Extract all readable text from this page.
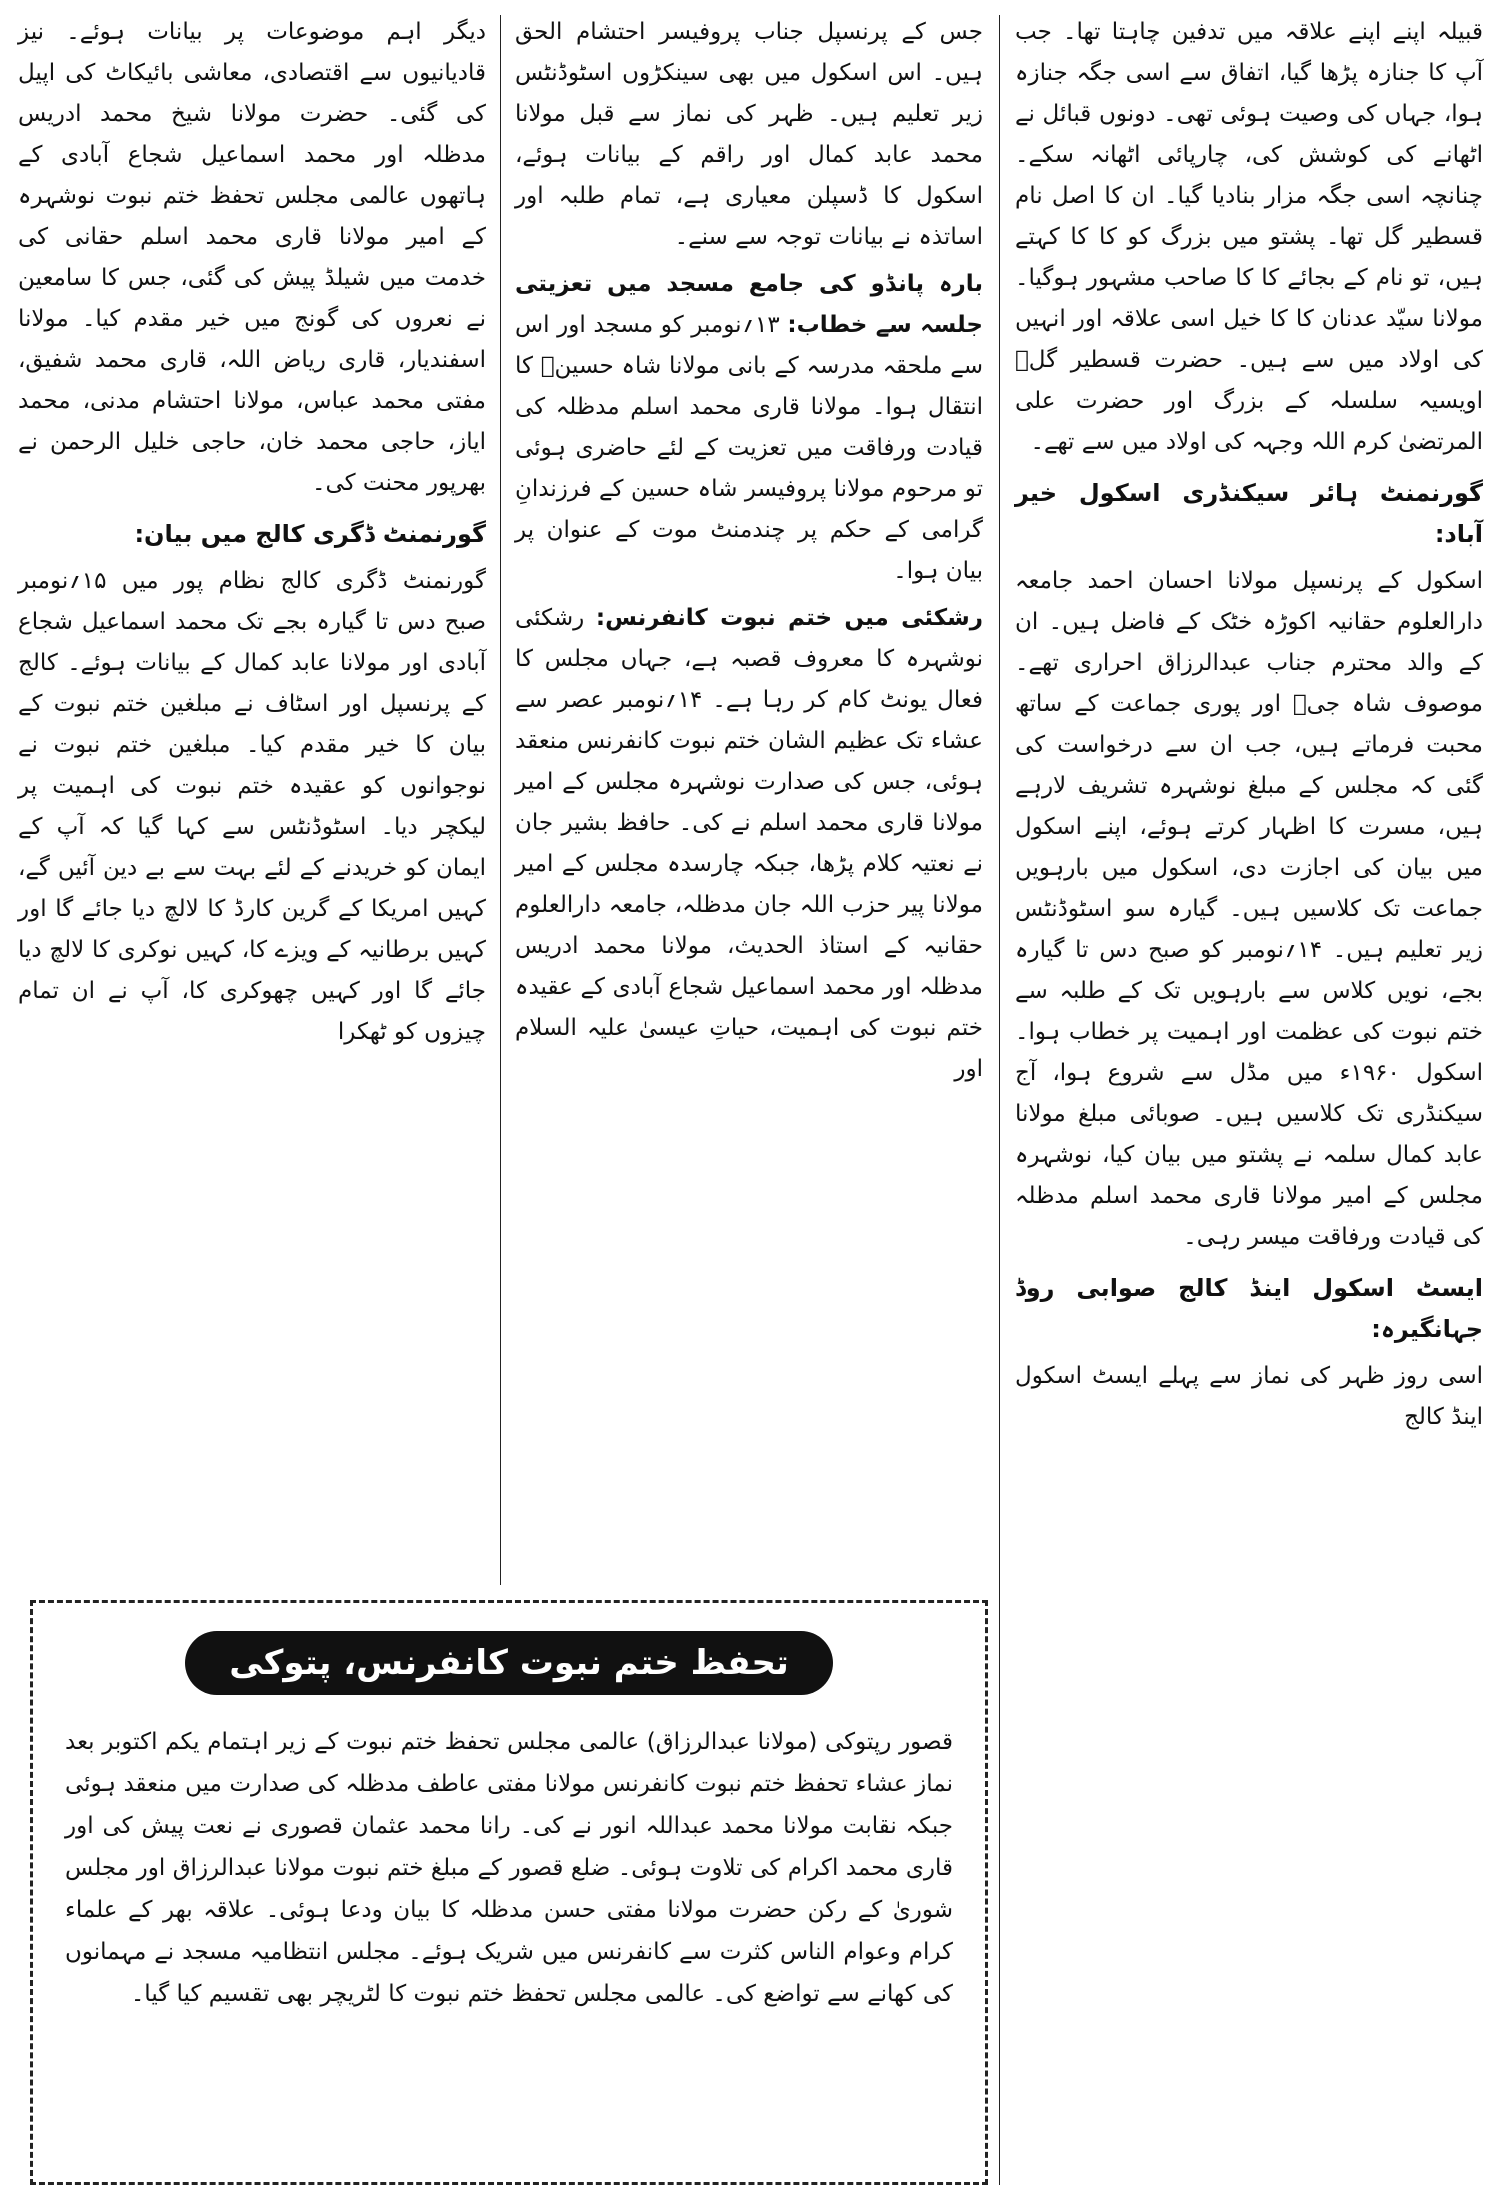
قبیلہ اپنے اپنے علاقہ میں تدفین چاہتا تھا۔ جب آپ کا جنازہ پڑھا گیا، اتفاق سے اسی جگہ جنازہ ہوا، جہاں کی وصیت ہوئی تھی۔ دونوں قبائل نے اٹھانے کی کوشش کی، چارپائی اٹھانہ سکے۔ چنانچہ اسی جگہ مزار بنادیا گیا۔ ان کا اصل نام قسطیر گل تھا۔ پشتو میں بزرگ کو کا کا کہتے ہیں، تو نام کے بجائے کا کا صاحب مشہور ہوگیا۔ مولانا سیّد عدنان کا کا خیل اسی علاقہ اور انہیں کی اولاد میں سے ہیں۔ حضرت قسطیر گلؒ اویسیہ سلسلہ کے بزرگ اور حضرت علی المرتضیٰ کرم اللہ وجہہ کی اولاد میں سے تھے۔

گورنمنٹ ہائر سیکنڈری اسکول خیر آباد:

اسکول کے پرنسپل مولانا احسان احمد جامعہ دارالعلوم حقانیہ اکوڑہ خٹک کے فاضل ہیں۔ ان کے والد محترم جناب عبدالرزاق احراری تھے۔ موصوف شاہ جیؒ اور پوری جماعت کے ساتھ محبت فرماتے ہیں، جب ان سے درخواست کی گئی کہ مجلس کے مبلغ نوشہرہ تشریف لارہے ہیں، مسرت کا اظہار کرتے ہوئے، اپنے اسکول میں بیان کی اجازت دی، اسکول میں بارہویں جماعت تک کلاسیں ہیں۔ گیارہ سو اسٹوڈنٹس زیر تعلیم ہیں۔ ۱۴؍نومبر کو صبح دس تا گیارہ بجے، نویں کلاس سے بارہویں تک کے طلبہ سے ختم نبوت کی عظمت اور اہمیت پر خطاب ہوا۔ اسکول ۱۹۶۰ء میں مڈل سے شروع ہوا، آج سیکنڈری تک کلاسیں ہیں۔ صوبائی مبلغ مولانا عابد کمال سلمہ نے پشتو میں بیان کیا، نوشہرہ مجلس کے امیر مولانا قاری محمد اسلم مدظلہ کی قیادت ورفاقت میسر رہی۔

ایسٹ اسکول اینڈ کالج صوابی روڈ جہانگیرہ:

اسی روز ظہر کی نماز سے پہلے ایسٹ اسکول اینڈ کالج

جس کے پرنسپل جناب پروفیسر احتشام الحق ہیں۔ اس اسکول میں بھی سینکڑوں اسٹوڈنٹس زیر تعلیم ہیں۔ ظہر کی نماز سے قبل مولانا محمد عابد کمال اور راقم کے بیانات ہوئے، اسکول کا ڈسپلن معیاری ہے، تمام طلبہ اور اساتذہ نے بیانات توجہ سے سنے۔

بارہ پانڈو کی جامع مسجد میں تعزیتی جلسہ سے خطاب: ۱۳؍نومبر کو مسجد اور اس سے ملحقہ مدرسہ کے بانی مولانا شاہ حسینؒ کا انتقال ہوا۔ مولانا قاری محمد اسلم مدظلہ کی قیادت ورفاقت میں تعزیت کے لئے حاضری ہوئی تو مرحوم مولانا پروفیسر شاہ حسین کے فرزندانِ گرامی کے حکم پر چندمنٹ موت کے عنوان پر بیان ہوا۔

رشکئی میں ختم نبوت کانفرنس: رشکئی نوشہرہ کا معروف قصبہ ہے، جہاں مجلس کا فعال یونٹ کام کر رہا ہے۔ ۱۴؍نومبر عصر سے عشاء تک عظیم الشان ختم نبوت کانفرنس منعقد ہوئی، جس کی صدارت نوشہرہ مجلس کے امیر مولانا قاری محمد اسلم نے کی۔ حافظ بشیر جان نے نعتیہ کلام پڑھا، جبکہ چارسدہ مجلس کے امیر مولانا پیر حزب اللہ جان مدظلہ، جامعہ دارالعلوم حقانیہ کے استاذ الحدیث، مولانا محمد ادریس مدظلہ اور محمد اسماعیل شجاع آبادی کے عقیدہ ختم نبوت کی اہمیت، حیاتِ عیسیٰ علیہ السلام اور

دیگر اہم موضوعات پر بیانات ہوئے۔ نیز قادیانیوں سے اقتصادی، معاشی بائیکاٹ کی اپیل کی گئی۔ حضرت مولانا شیخ محمد ادریس مدظلہ اور محمد اسماعیل شجاع آبادی کے ہاتھوں عالمی مجلس تحفظ ختم نبوت نوشہرہ کے امیر مولانا قاری محمد اسلم حقانی کی خدمت میں شیلڈ پیش کی گئی، جس کا سامعین نے نعروں کی گونج میں خیر مقدم کیا۔ مولانا اسفندیار، قاری ریاض اللہ، قاری محمد شفیق، مفتی محمد عباس، مولانا احتشام مدنی، محمد ایاز، حاجی محمد خان، حاجی خلیل الرحمن نے بھرپور محنت کی۔

گورنمنٹ ڈگری کالج میں بیان:

گورنمنٹ ڈگری کالج نظام پور میں ۱۵؍نومبر صبح دس تا گیارہ بجے تک محمد اسماعیل شجاع آبادی اور مولانا عابد کمال کے بیانات ہوئے۔ کالج کے پرنسپل اور اسٹاف نے مبلغین ختم نبوت کے بیان کا خیر مقدم کیا۔ مبلغین ختم نبوت نے نوجوانوں کو عقیدہ ختم نبوت کی اہمیت پر لیکچر دیا۔ اسٹوڈنٹس سے کہا گیا کہ آپ کے ایمان کو خریدنے کے لئے بہت سے بے دین آئیں گے، کہیں امریکا کے گرین کارڈ کا لالچ دیا جائے گا اور کہیں برطانیہ کے ویزے کا، کہیں نوکری کا لالچ دیا جائے گا اور کہیں چھوکری کا، آپ نے ان تمام چیزوں کو ٹھکرا

تحفظ ختم نبوت کانفرنس، پتوکی
قصور رپتوکی (مولانا عبدالرزاق) عالمی مجلس تحفظ ختم نبوت کے زیر اہتمام یکم اکتوبر بعد نماز عشاء تحفظ ختم نبوت کانفرنس مولانا مفتی عاطف مدظلہ کی صدارت میں منعقد ہوئی جبکہ نقابت مولانا محمد عبداللہ انور نے کی۔ رانا محمد عثمان قصوری نے نعت پیش کی اور قاری محمد اکرام کی تلاوت ہوئی۔ ضلع قصور کے مبلغ ختم نبوت مولانا عبدالرزاق اور مجلس شوریٰ کے رکن حضرت مولانا مفتی حسن مدظلہ کا بیان ودعا ہوئی۔ علاقہ بھر کے علماء کرام وعوام الناس کثرت سے کانفرنس میں شریک ہوئے۔ مجلس انتظامیہ مسجد نے مہمانوں کی کھانے سے تواضع کی۔ عالمی مجلس تحفظ ختم نبوت کا لٹریچر بھی تقسیم کیا گیا۔
